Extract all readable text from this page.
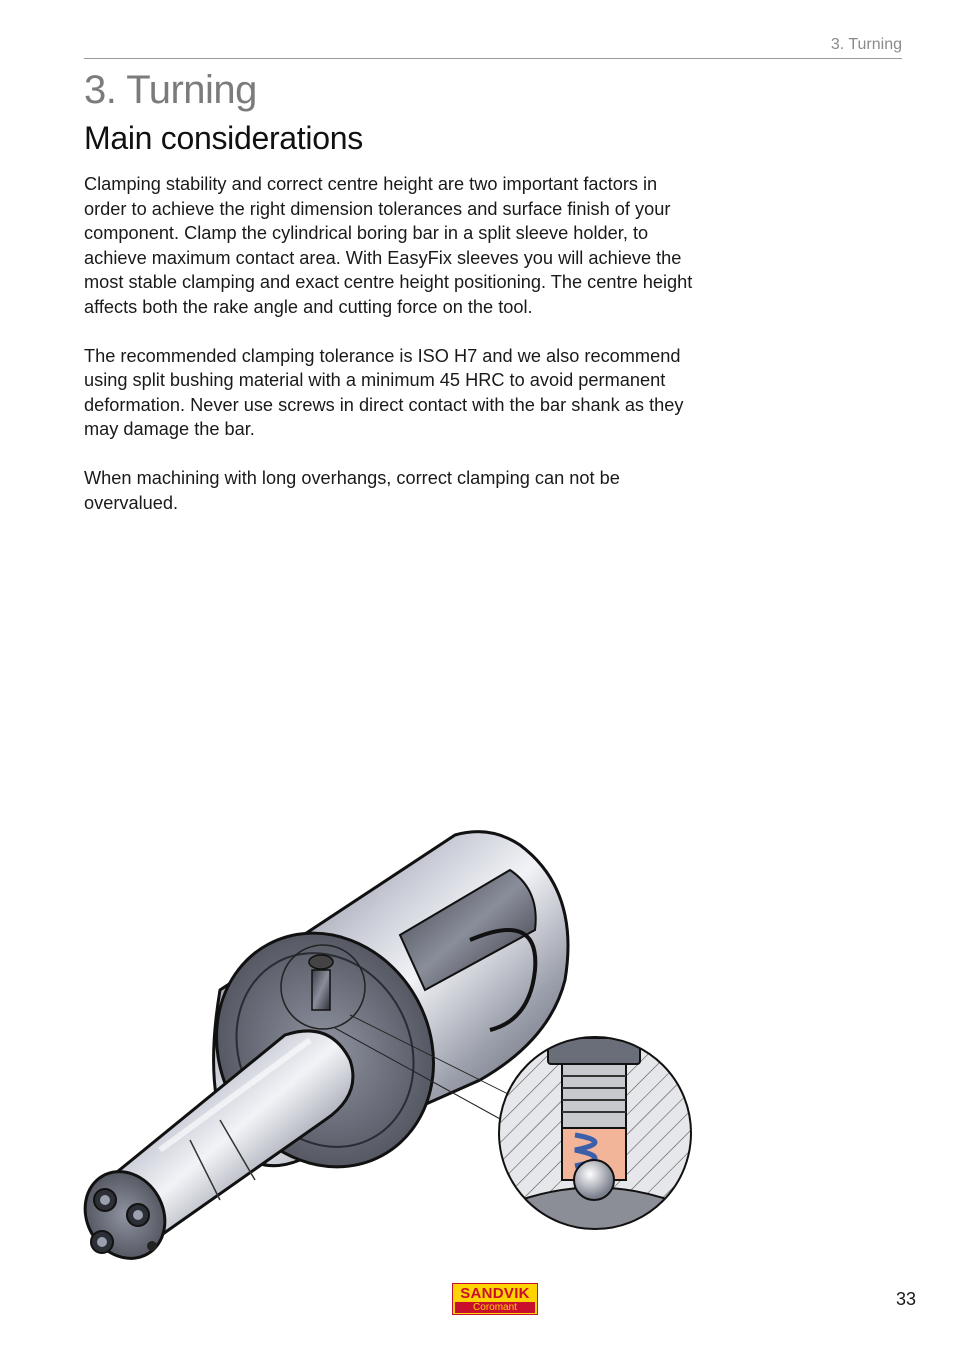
3. Turning
3. Turning
Main considerations

Clamping stability and correct centre height are two important factors in order to achieve the right dimension tolerances and surface finish of your component. Clamp the cylindrical boring bar in a split sleeve holder, to achieve maximum contact area. With EasyFix sleeves you will achieve the most stable clamping and exact centre height positioning. The centre height affects both the rake angle and cutting force on the tool.

The recommended clamping tolerance is ISO H7 and we also recommend using split bushing material with a minimum 45 HRC to avoid permanent deformation. Never use screws in direct contact with the bar shank as they may damage the bar.

When machining with long overhangs, correct clamping can not be overvalued.

SANDVIK
Coromant	33
